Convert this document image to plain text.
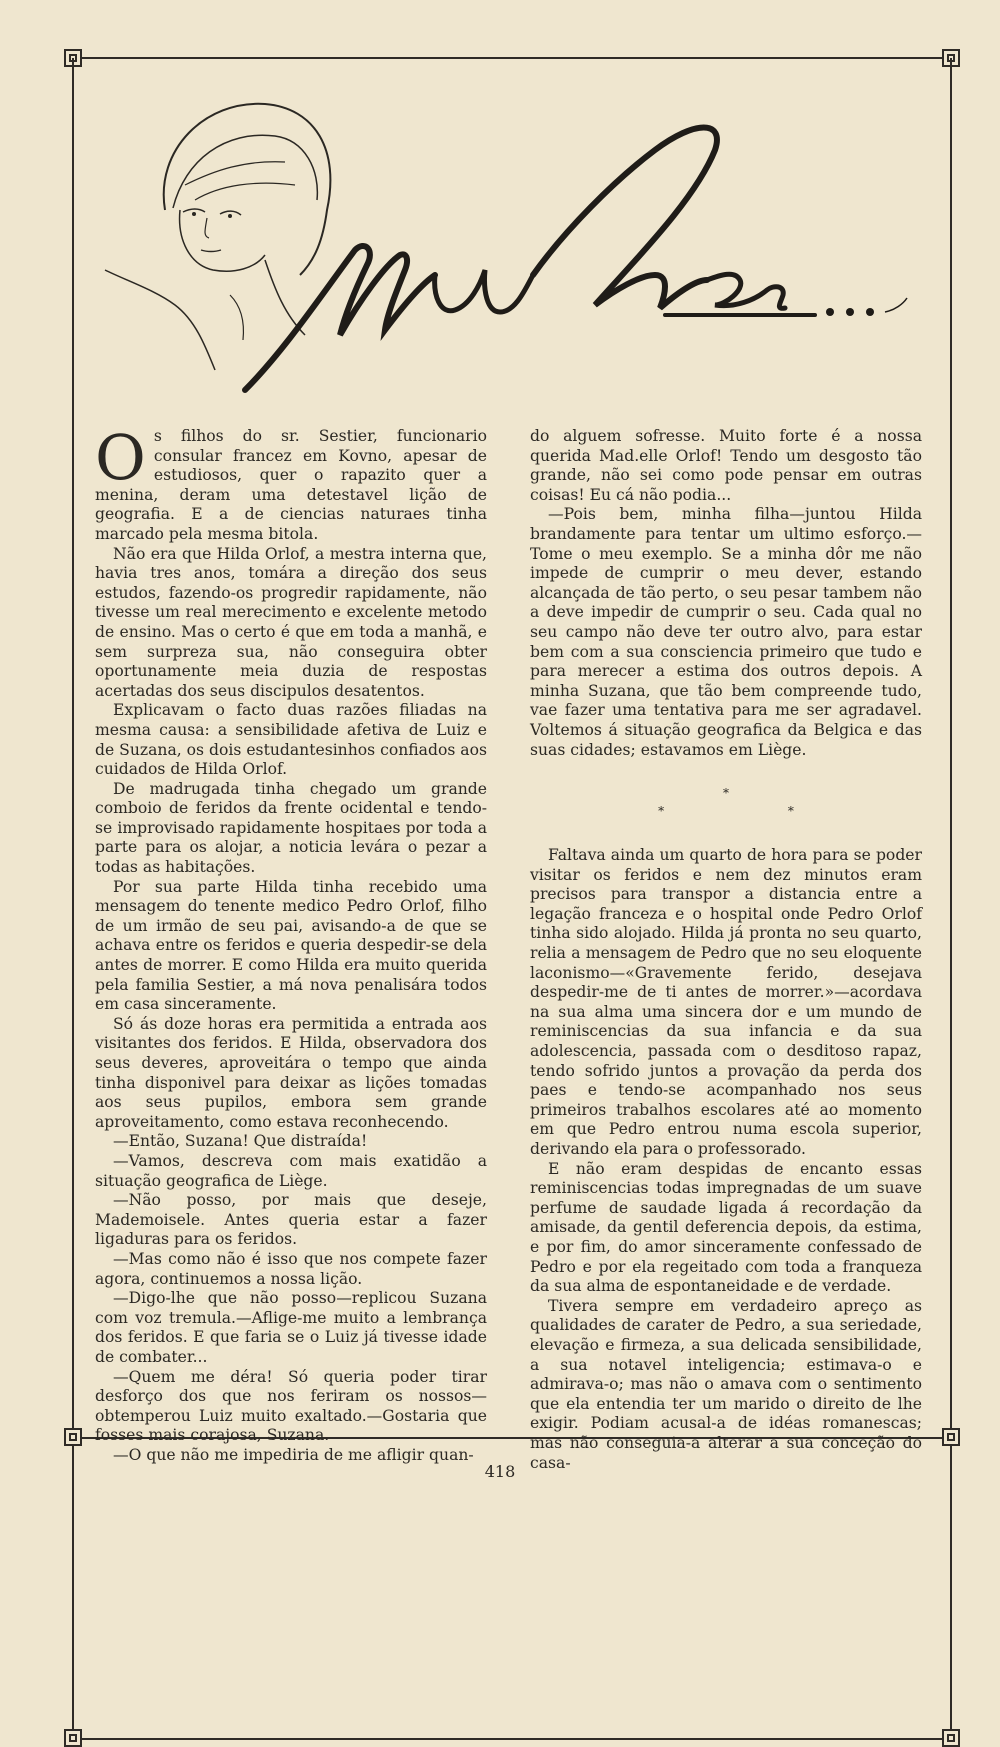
O s filhos do sr. Sestier, funcionario consular francez em Kovno, apesar de estudiosos, quer o rapazito quer a menina, deram uma detestavel lição de geografia. E a de ciencias naturaes tinha marcado pela mesma bitola.

Não era que Hilda Orlof, a mestra interna que, havia tres anos, tomára a direção dos seus estudos, fazendo-os progredir rapidamente, não tivesse um real merecimento e excelente metodo de ensino. Mas o certo é que em toda a manhã, e sem surpreza sua, não conseguira obter oportunamente meia duzia de respostas acertadas dos seus discipulos desatentos.

Explicavam o facto duas razões filiadas na mesma causa: a sensibilidade afetiva de Luiz e de Suzana, os dois estudantesinhos confiados aos cuidados de Hilda Orlof.

De madrugada tinha chegado um grande comboio de feridos da frente ocidental e tendo-se improvisado rapidamente hospitaes por toda a parte para os alojar, a noticia levára o pezar a todas as habitações.

Por sua parte Hilda tinha recebido uma mensagem do tenente medico Pedro Orlof, filho de um irmão de seu pai, avisando-a de que se achava entre os feridos e queria despedir-se dela antes de morrer. E como Hilda era muito querida pela familia Sestier, a má nova penalisára todos em casa sinceramente.

Só ás doze horas era permitida a entrada aos visitantes dos feridos. E Hilda, observadora dos seus deveres, aproveitára o tempo que ainda tinha disponivel para deixar as lições tomadas aos seus pupilos, embora sem grande aproveitamento, como estava reconhecendo.

—Então, Suzana! Que distraída!

—Vamos, descreva com mais exatidão a situação geografica de Liège.

—Não posso, por mais que deseje, Mademoisele. Antes queria estar a fazer ligaduras para os feridos.

—Mas como não é isso que nos compete fazer agora, continuemos a nossa lição.

—Digo-lhe que não posso—replicou Suzana com voz tremula.—Aflige-me muito a lembrança dos feridos. E que faria se o Luiz já tivesse idade de combater...

—Quem me déra! Só queria poder tirar desforço dos que nos feriram os nossos—obtemperou Luiz muito exaltado.—Gostaria que fosses mais corajosa, Suzana.

—O que não me impediria de me afligir quan-

do alguem sofresse. Muito forte é a nossa querida Mad.elle Orlof! Tendo um desgosto tão grande, não sei como pode pensar em outras coisas! Eu cá não podia...

—Pois bem, minha filha—juntou Hilda brandamente para tentar um ultimo esforço.—Tome o meu exemplo. Se a minha dôr me não impede de cumprir o meu dever, estando alcançada de tão perto, o seu pesar tambem não a deve impedir de cumprir o seu. Cada qual no seu campo não deve ter outro alvo, para estar bem com a sua consciencia primeiro que tudo e para merecer a estima dos outros depois. A minha Suzana, que tão bem compreende tudo, vae fazer uma tentativa para me ser agradavel. Voltemos á situação geografica da Belgica e das suas cidades; estavamos em Liège.

*
* *

Faltava ainda um quarto de hora para se poder visitar os feridos e nem dez minutos eram precisos para transpor a distancia entre a legação franceza e o hospital onde Pedro Orlof tinha sido alojado. Hilda já pronta no seu quarto, relia a mensagem de Pedro que no seu eloquente laconismo—«Gravemente ferido, desejava despedir-me de ti antes de morrer.»—acordava na sua alma uma sincera dor e um mundo de reminiscencias da sua infancia e da sua adolescencia, passada com o desditoso rapaz, tendo sofrido juntos a provação da perda dos paes e tendo-se acompanhado nos seus primeiros trabalhos escolares até ao momento em que Pedro entrou numa escola superior, derivando ela para o professorado.

E não eram despidas de encanto essas reminiscencias todas impregnadas de um suave perfume de saudade ligada á recordação da amisade, da gentil deferencia depois, da estima, e por fim, do amor sinceramente confessado de Pedro e por ela regeitado com toda a franqueza da sua alma de espontaneidade e de verdade.

Tivera sempre em verdadeiro apreço as qualidades de carater de Pedro, a sua seriedade, elevação e firmeza, a sua delicada sensibilidade, a sua notavel inteligencia; estimava-o e admirava-o; mas não o amava com o sentimento que ela entendia ter um marido o direito de lhe exigir. Podiam acusal-a de idéas romanescas; mas não conseguia-a alterar a sua conceção do casa-

418
